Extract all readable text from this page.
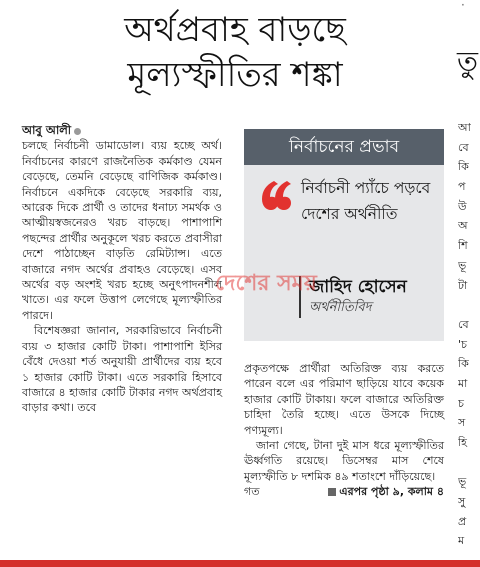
অর্থপ্রবাহ বাড়ছে
মূল্যস্ফীতির শঙ্কা
·
তু
আ
বে
কি
প
উ
অ
শি
ভূ
টা
বে
'চ
কি
মা
চ
স
হি
ভূ
সু
প্র
ম
আবু আলী

চলছে নির্বাচনী ডামাডোল। ব্যয় হচ্ছে অর্থ। নির্বাচনের কারণে রাজনৈতিক কর্মকাণ্ড যেমন বেড়েছে, তেমনি বেড়েছে বাণিজিক কর্মকাণ্ড। নির্বাচনে একদিকে বেড়েছে সরকারি ব্যয়, আরেক দিকে প্রার্থী ও তাদের ধনাঢ্য সমর্থক ও আত্মীয়স্বজনেরও খরচ বাড়ছে। পাশাপাশি পছন্দের প্রার্থীর অনুকূলে খরচ করতে প্রবাসীরা দেশে পাঠাচ্ছেন বাড়তি রেমিট্যান্স। এতে বাজারে নগদ অর্থের প্রবাহও বেড়েছে। এসব অর্থের বড় অংশই খরচ হচ্ছে অনুৎপাদনশীল খাতে। এর ফলে উত্তাপ লেগেছে মূল্যস্ফীতির পারদে।

বিশেষজ্ঞরা জানান, সরকারিভাবে নির্বাচনী ব্যয় ৩ হাজার কোটি টাকা। পাশাপাশি ইসির বেঁধে দেওয়া শর্ত অনুযায়ী প্রার্থীদের ব্যয় হবে ১ হাজার কোটি টাকা। এতে সরকারি হিসাবে বাজারে ৪ হাজার কোটি টাকার নগদ অর্থপ্রবাহ বাড়ার কথা। তবে

নির্বাচনের প্রভাব
নির্বাচনী প্যাঁচে পড়বে দেশের অর্থনীতি
জাহিদ হোসেন
অর্থনীতিবিদ
দেশের সময়

প্রকৃতপক্ষে প্রার্থীরা অতিরিক্ত ব্যয় করতে পারেন বলে এর পরিমাণ ছাড়িয়ে যাবে কয়েক হাজার কোটি টাকায়। ফলে বাজারে অতিরিক্ত চাহিদা তৈরি হচ্ছে। এতে উসকে দিচ্ছে পণ্যমূল্য।

জানা গেছে, টানা দুই মাস ধরে মূল্যস্ফীতির ঊর্ধ্বগতি রয়েছে। ডিসেম্বর মাস শেষে মূল্যস্ফীতি ৮ দশমিক ৪৯ শতাংশে দাঁড়িয়েছে।

গত	এরপর পৃষ্ঠা ৯, কলাম ৪
